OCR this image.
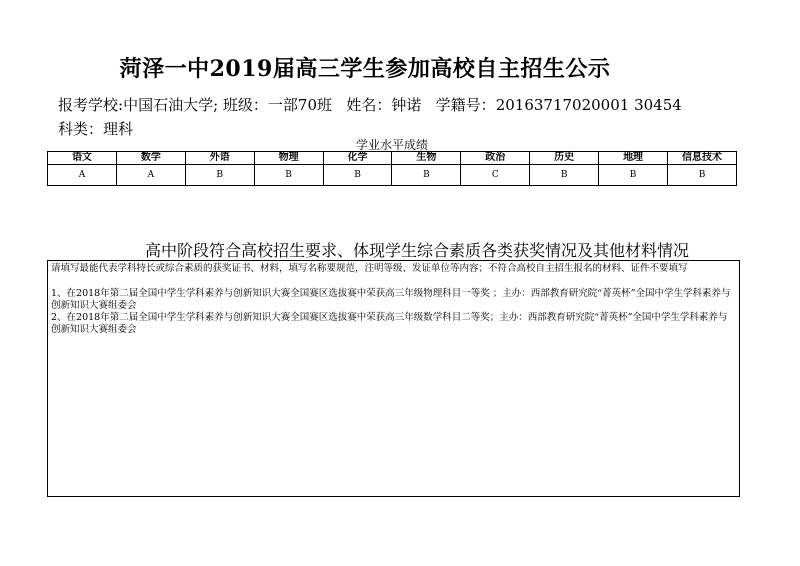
菏泽一中2019届高三学生参加高校自主招生公示
报考学校:中国石油大学; 班级：一部70班 姓名：钟诺 学籍号：20163717020001 30454
科类：理科
学业水平成绩
语文	数学	外语	物理	化学	生物	政治	历史	地理	信息技术
A	A	B	B	B	B	C	B	B	B
高中阶段符合高校招生要求、体现学生综合素质各类获奖情况及其他材料情况

请填写最能代表学科特长或综合素质的获奖证书、材料，填写名称要规范，注明等级、发证单位等内容；不符合高校自主招生报名的材料、证件不要填写

1、在2018年第二届全国中学生学科素养与创新知识大赛全国赛区选拔赛中荣获高三年级物理科目一等奖 ；主办：西部教育研究院“菁英杯”全国中学生学科素养与创新知识大赛组委会

2、在2018年第二届全国中学生学科素养与创新知识大赛全国赛区选拔赛中荣获高三年级数学科目二等奖；主办：西部教育研究院“菁英杯”全国中学生学科素养与创新知识大赛组委会
